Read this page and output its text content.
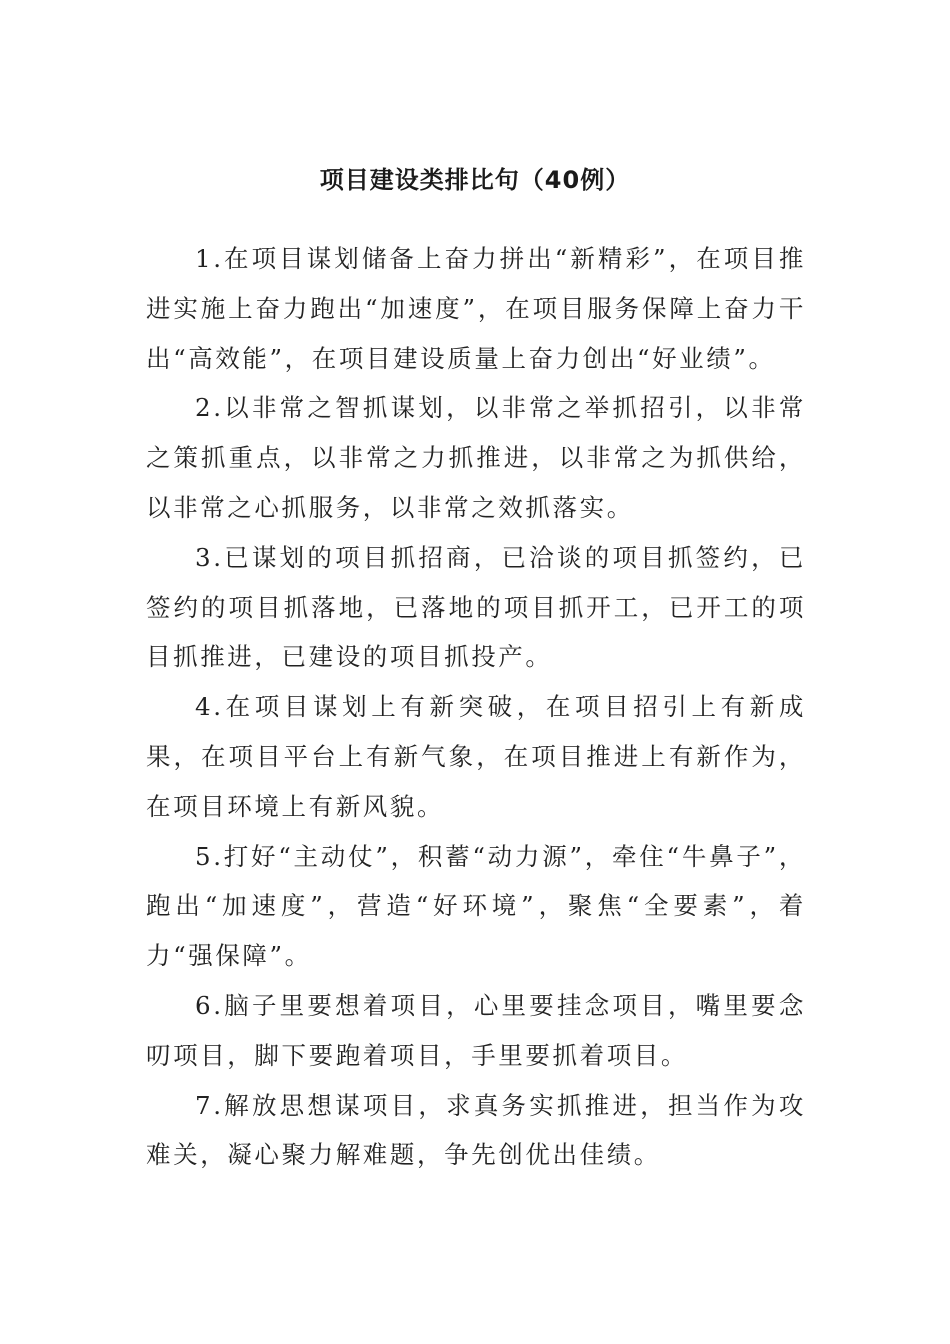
项目建设类排比句（40例）

1.在项目谋划储备上奋力拼出“新精彩”，在项目推进实施上奋力跑出“加速度”，在项目服务保障上奋力干出“高效能”，在项目建设质量上奋力创出“好业绩”。

2.以非常之智抓谋划，以非常之举抓招引，以非常之策抓重点，以非常之力抓推进，以非常之为抓供给，以非常之心抓服务，以非常之效抓落实。

3.已谋划的项目抓招商，已洽谈的项目抓签约，已签约的项目抓落地，已落地的项目抓开工，已开工的项目抓推进，已建设的项目抓投产。

4.在项目谋划上有新突破，在项目招引上有新成果，在项目平台上有新气象，在项目推进上有新作为，在项目环境上有新风貌。

5.打好“主动仗”，积蓄“动力源”，牵住“牛鼻子”，跑出“加速度”，营造“好环境”，聚焦“全要素”，着力“强保障”。

6.脑子里要想着项目，心里要挂念项目，嘴里要念叨项目，脚下要跑着项目，手里要抓着项目。

7.解放思想谋项目，求真务实抓推进，担当作为攻难关，凝心聚力解难题，争先创优出佳绩。
